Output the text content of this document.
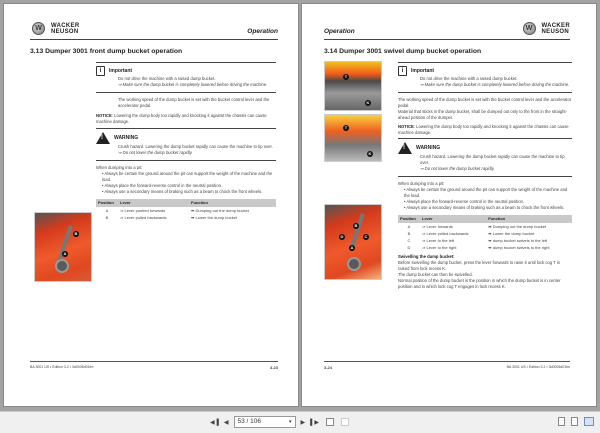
W	WACKER
NEUSON	Operation
3.13 Dumper 3001 front dump bucket operation
i	Important
Do not drive the machine with a raised dump bucket.
⇒ Make sure the dump bucket is completely lowered before driving the machine.
The working speed of the dump bucket is set with the bucket control lever and the accelerator pedal.
NOTICE: Lowering the dump body too rapidly and knocking it against the chassis can cause machine damage.
!
WARNING
Crush hazard. Lowering the dump bucket rapidly can cause the machine to tip over.
⇒ Do not lower the dump bucket rapidly.
When dumping into a pit:
• Always be certain the ground around the pit can support the weight of the machine and the load.
• Always place the forward-reverse control in the neutral position.
• Always use a secondary means of braking such as a beam to chock the front wheels.
Position	Lever	Function
A	⇒ Lever pushed forwards	➡ Dumping out the dump bucket
B	⇒ Lever pulled backwards	➡ Lower the dump bucket
B
A
BA 3001 US • Edition 3.2 • 3d0005d01fm	3-23
Operation	W	WACKER
NEUSON
3.14 Dumper 3001 swivel dump bucket operation
T
K
T
K
B
D	C
A
i	Important
Do not drive the machine with a raised dump bucket.
⇒ Make sure the dump bucket is completely lowered before driving the machine.
The working speed of the dump bucket is set with the bucket control lever and the accelerator pedal.
Material that sticks in the dump bucket, shall be dumped out only to the front in the straight-ahead position of the dumper.
NOTICE: Lowering the dump body too rapidly and knocking it against the chassis can cause machine damage.
!
WARNING
Crush hazard. Lowering the dump bucket rapidly can cause the machine to tip over.
⇒ Do not lower the dump bucket rapidly.
When dumping into a pit:
• Always be certain the ground around the pit can support the weight of the machine and the load.
• Always place the forward-reverse control in the neutral position.
• Always use a secondary means of braking such as a beam to chock the front wheels.
Position	Lever	Function
A	⇒ Lever forwards	➡ Dumping out the dump bucket
B	⇒ Lever pulled backwards	➡ Lower the dump bucket
C	⇒ Lever to the left	➡ dump bucket swivels to the left
D	⇒ Lever to the right	➡ dump bucket swivels to the right
Swivelling the dump bucket:
Before swivelling the dump bucket, press the lever forwards to raise it until lock cog T is raised from lock recess K.
The dump bucket can then be swivelled.
Normal position of the dump bucket is the position in which the dump bucket is in center position and in which lock cog T engages in lock recess K.
3-24	BA 3001 US • Edition 3.2 • 3d0005d01fm
◀▐ ◀	53 / 106	▾ ▶ ▌▶
